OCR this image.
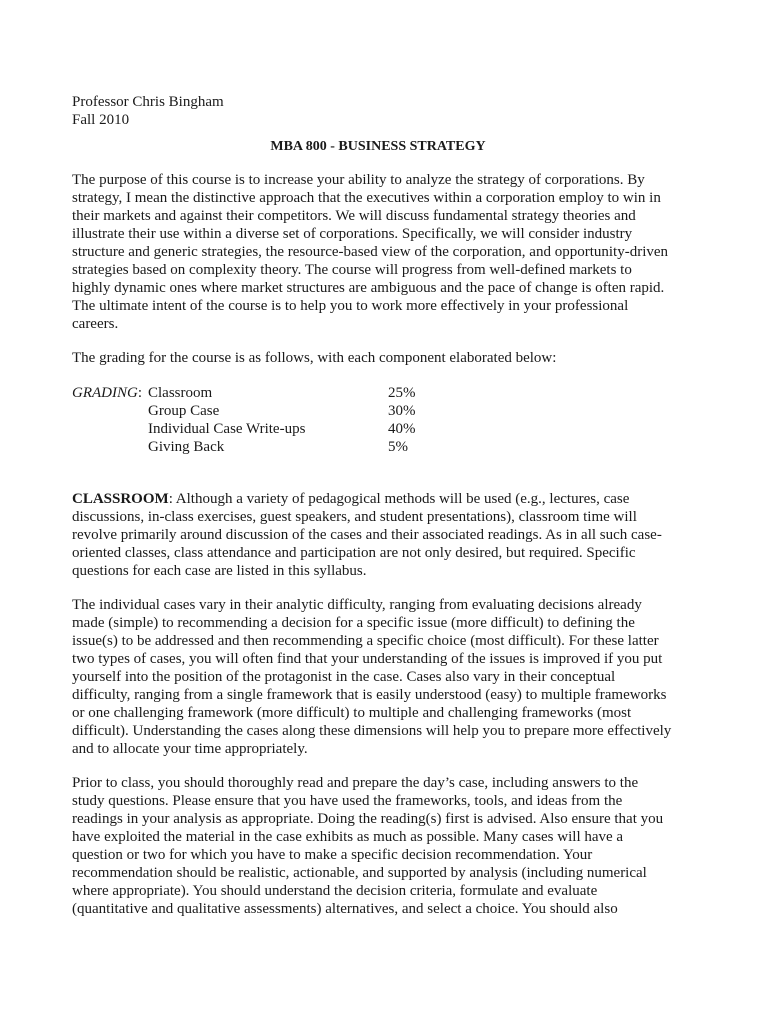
Professor Chris Bingham
Fall 2010
MBA 800 - BUSINESS STRATEGY
The purpose of this course is to increase your ability to analyze the strategy of corporations. By
strategy, I mean the distinctive approach that the executives within a corporation employ to win in
their markets and against their competitors. We will discuss fundamental strategy theories and
illustrate their use within a diverse set of corporations. Specifically, we will consider industry
structure and generic strategies, the resource-based view of the corporation, and opportunity-driven
strategies based on complexity theory. The course will progress from well-defined markets to
highly dynamic ones where market structures are ambiguous and the pace of change is often rapid.
The ultimate intent of the course is to help you to work more effectively in your professional
careers.
The grading for the course is as follows, with each component elaborated below:
GRADING: Classroom	25%
Group Case	30%
Individual Case Write-ups	40%
Giving Back	5%
CLASSROOM: Although a variety of pedagogical methods will be used (e.g., lectures, case
discussions, in-class exercises, guest speakers, and student presentations), classroom time will
revolve primarily around discussion of the cases and their associated readings. As in all such case-
oriented classes, class attendance and participation are not only desired, but required. Specific
questions for each case are listed in this syllabus.
The individual cases vary in their analytic difficulty, ranging from evaluating decisions already
made (simple) to recommending a decision for a specific issue (more difficult) to defining the
issue(s) to be addressed and then recommending a specific choice (most difficult). For these latter
two types of cases, you will often find that your understanding of the issues is improved if you put
yourself into the position of the protagonist in the case. Cases also vary in their conceptual
difficulty, ranging from a single framework that is easily understood (easy) to multiple frameworks
or one challenging framework (more difficult) to multiple and challenging frameworks (most
difficult). Understanding the cases along these dimensions will help you to prepare more effectively
and to allocate your time appropriately.
Prior to class, you should thoroughly read and prepare the day’s case, including answers to the
study questions. Please ensure that you have used the frameworks, tools, and ideas from the
readings in your analysis as appropriate. Doing the reading(s) first is advised. Also ensure that you
have exploited the material in the case exhibits as much as possible. Many cases will have a
question or two for which you have to make a specific decision recommendation. Your
recommendation should be realistic, actionable, and supported by analysis (including numerical
where appropriate). You should understand the decision criteria, formulate and evaluate
(quantitative and qualitative assessments) alternatives, and select a choice. You should also
